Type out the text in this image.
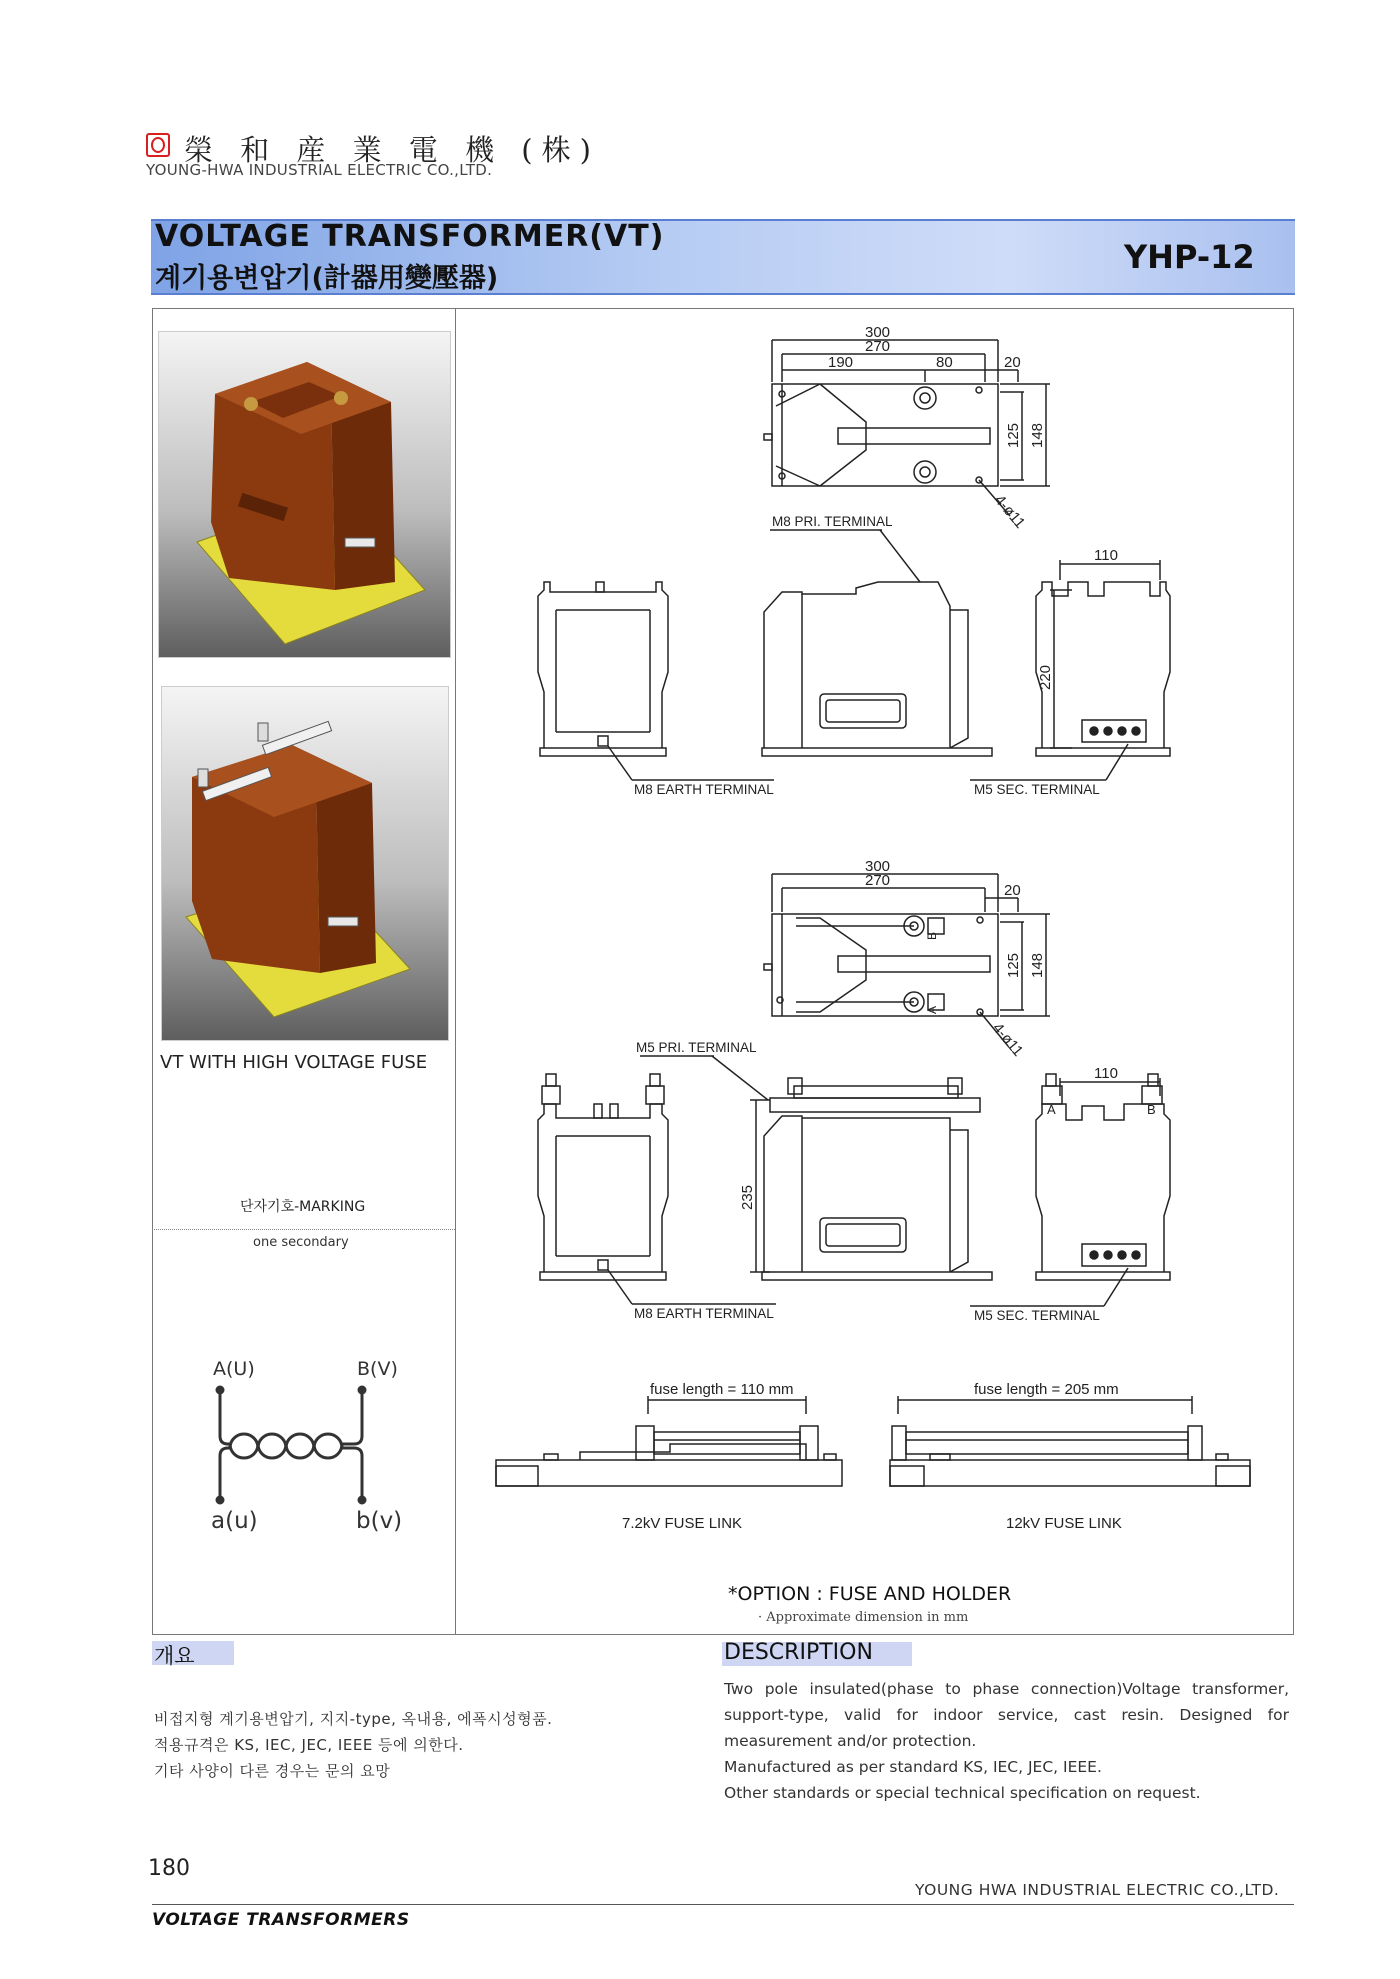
榮 和 産 業 電 機 (株)
YOUNG-HWA INDUSTRIAL ELECTRIC CO.,LTD.
VOLTAGE TRANSFORMER(VT)
계기용변압기(計器用變壓器)
YHP-12
VT WITH HIGH VOLTAGE FUSE
단자기호-MARKING
one secondary
A(U)	B(V)
a(u)	b(v)
300
270
190	80	20
125 148
4-ø11
110
220
M8 PRI. TERMINAL
M8 EARTH TERMINAL	M5 SEC. TERMINAL
300
270
20
125 148
4-ø11
B
A
110
235
A	B
M5 PRI. TERMINAL
M8 EARTH TERMINAL	M5 SEC. TERMINAL
fuse length = 110 mm	fuse length = 205 mm
7.2kV FUSE LINK	12kV FUSE LINK
*OPTION : FUSE AND HOLDER
· Approximate dimension in mm
개요
비접지형 계기용변압기, 지지-type, 옥내용, 에폭시성형품.
적용규격은 KS, IEC, JEC, IEEE 등에 의한다.
기타 사양이 다른 경우는 문의 요망
DESCRIPTION
Two pole insulated(phase to phase connection)Voltage transformer,
support-type, valid for indoor service, cast resin. Designed for
measurement and/or protection.
Manufactured as per standard KS, IEC, JEC, IEEE.
Other standards or special technical specification on request.
180
YOUNG HWA INDUSTRIAL ELECTRIC CO.,LTD.
VOLTAGE TRANSFORMERS
